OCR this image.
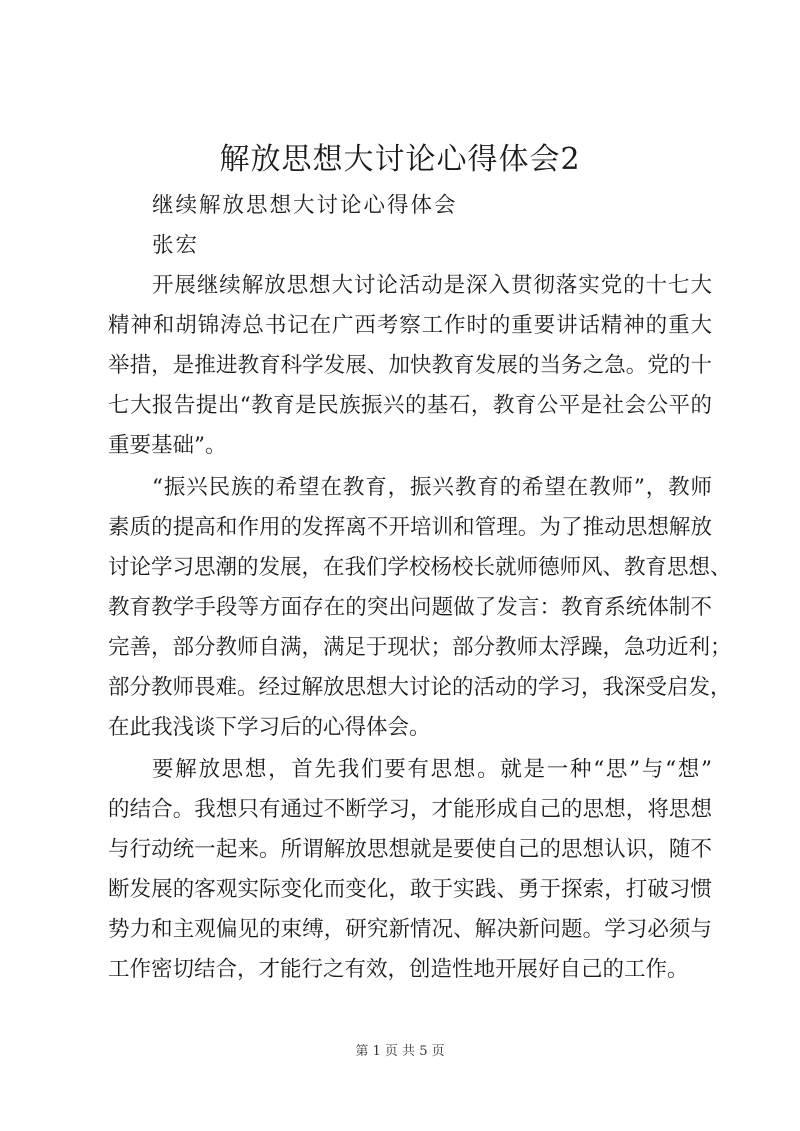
解放思想大讨论心得体会2
继续解放思想大讨论心得体会
张宏
开展继续解放思想大讨论活动是深入贯彻落实党的十七大
精神和胡锦涛总书记在广西考察工作时的重要讲话精神的重大
举措，是推进教育科学发展、加快教育发展的当务之急。党的十
七大报告提出“教育是民族振兴的基石，教育公平是社会公平的
重要基础”。
“振兴民族的希望在教育，振兴教育的希望在教师”，教师
素质的提高和作用的发挥离不开培训和管理。为了推动思想解放
讨论学习思潮的发展，在我们学校杨校长就师德师风、教育思想、
教育教学手段等方面存在的突出问题做了发言：教育系统体制不
完善，部分教师自满，满足于现状；部分教师太浮躁，急功近利；
部分教师畏难。经过解放思想大讨论的活动的学习，我深受启发，
在此我浅谈下学习后的心得体会。
要解放思想，首先我们要有思想。就是一种“思”与“想”
的结合。我想只有通过不断学习，才能形成自己的思想，将思想
与行动统一起来。所谓解放思想就是要使自己的思想认识，随不
断发展的客观实际变化而变化，敢于实践、勇于探索，打破习惯
势力和主观偏见的束缚，研究新情况、解决新问题。学习必须与
工作密切结合，才能行之有效，创造性地开展好自己的工作。
第 1 页 共 5 页
